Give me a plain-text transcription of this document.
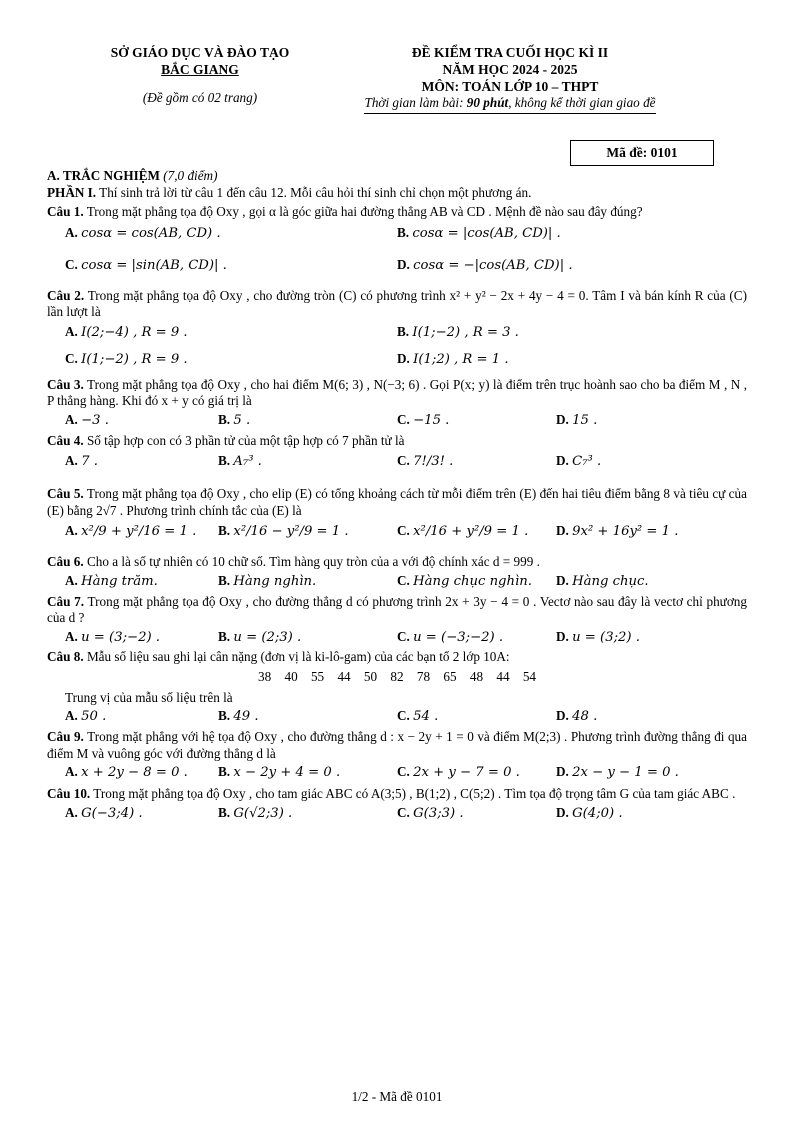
SỞ GIÁO DỤC VÀ ĐÀO TẠO
BẮC GIANG
(Đề gồm có 02 trang)
ĐỀ KIỂM TRA CUỐI HỌC KÌ II
NĂM HỌC 2024 - 2025
MÔN: TOÁN LỚP 10 – THPT
Thời gian làm bài: 90 phút, không kể thời gian giao đề
Mã đề: 0101
A. TRẮC NGHIỆM (7,0 điểm)
PHẦN I. Thí sinh trả lời từ câu 1 đến câu 12. Mỗi câu hỏi thí sinh chỉ chọn một phương án.
Câu 1. Trong mặt phẳng tọa độ Oxy , gọi α là góc giữa hai đường thẳng AB và CD . Mệnh đề nào sau đây đúng?
A. cosα = cos(AB, CD) .	B. cosα = |cos(AB, CD)| .
C. cosα = |sin(AB, CD)| .	D. cosα = −|cos(AB, CD)| .
Câu 2. Trong mặt phẳng tọa độ Oxy , cho đường tròn (C) có phương trình x² + y² − 2x + 4y − 4 = 0. Tâm I và bán kính R của (C) lần lượt là
A. I(2;−4) , R = 9 .	B. I(1;−2) , R = 3 .
C. I(1;−2) , R = 9 .	D. I(1;2) , R = 1 .
Câu 3. Trong mặt phẳng tọa độ Oxy , cho hai điểm M(6; 3) , N(−3; 6) . Gọi P(x; y) là điểm trên trục hoành sao cho ba điểm M , N , P thẳng hàng. Khi đó x + y có giá trị là
A. −3 .	B. 5 .	C. −15 .	D. 15 .
Câu 4. Số tập hợp con có 3 phần tử của một tập hợp có 7 phần tử là
A. 7 .	B. A₇³ .	C. 7!/3! .	D. C₇³ .
Câu 5. Trong mặt phẳng tọa độ Oxy , cho elip (E) có tổng khoảng cách từ mỗi điểm trên (E) đến hai tiêu điểm bằng 8 và tiêu cự của (E) bằng 2√7 . Phương trình chính tắc của (E) là
A. x²/9 + y²/16 = 1 . B. x²/16 − y²/9 = 1 .	C. x²/16 + y²/9 = 1 . D. 9x² + 16y² = 1 .
Câu 6. Cho a là số tự nhiên có 10 chữ số. Tìm hàng quy tròn của a với độ chính xác d = 999 .
A. Hàng trăm.	B. Hàng nghìn.	C. Hàng chục nghìn. D. Hàng chục.
Câu 7. Trong mặt phẳng tọa độ Oxy , cho đường thẳng d có phương trình 2x + 3y − 4 = 0 . Vectơ nào sau đây là vectơ chỉ phương của d ?
A. u = (3;−2) .	B. u = (2;3) .	C. u = (−3;−2) .	D. u = (3;2) .
Câu 8. Mẫu số liệu sau ghi lại cân nặng (đơn vị là ki-lô-gam) của các bạn tổ 2 lớp 10A:
38 40 55 44 50 82 78 65 48 44 54
Trung vị của mẫu số liệu trên là
A. 50 .	B. 49 .	C. 54 .	D. 48 .
Câu 9. Trong mặt phẳng với hệ tọa độ Oxy , cho đường thẳng d : x − 2y + 1 = 0 và điểm M(2;3) . Phương trình đường thẳng đi qua điểm M và vuông góc với đường thẳng d là
A. x + 2y − 8 = 0 . B. x − 2y + 4 = 0 .	C. 2x + y − 7 = 0 .	D. 2x − y − 1 = 0 .
Câu 10. Trong mặt phẳng tọa độ Oxy , cho tam giác ABC có A(3;5) , B(1;2) , C(5;2) . Tìm tọa độ trọng tâm G của tam giác ABC .
A. G(−3;4) .	B. G(√2;3) .	C. G(3;3) .	D. G(4;0) .
1/2 - Mã đề 0101
